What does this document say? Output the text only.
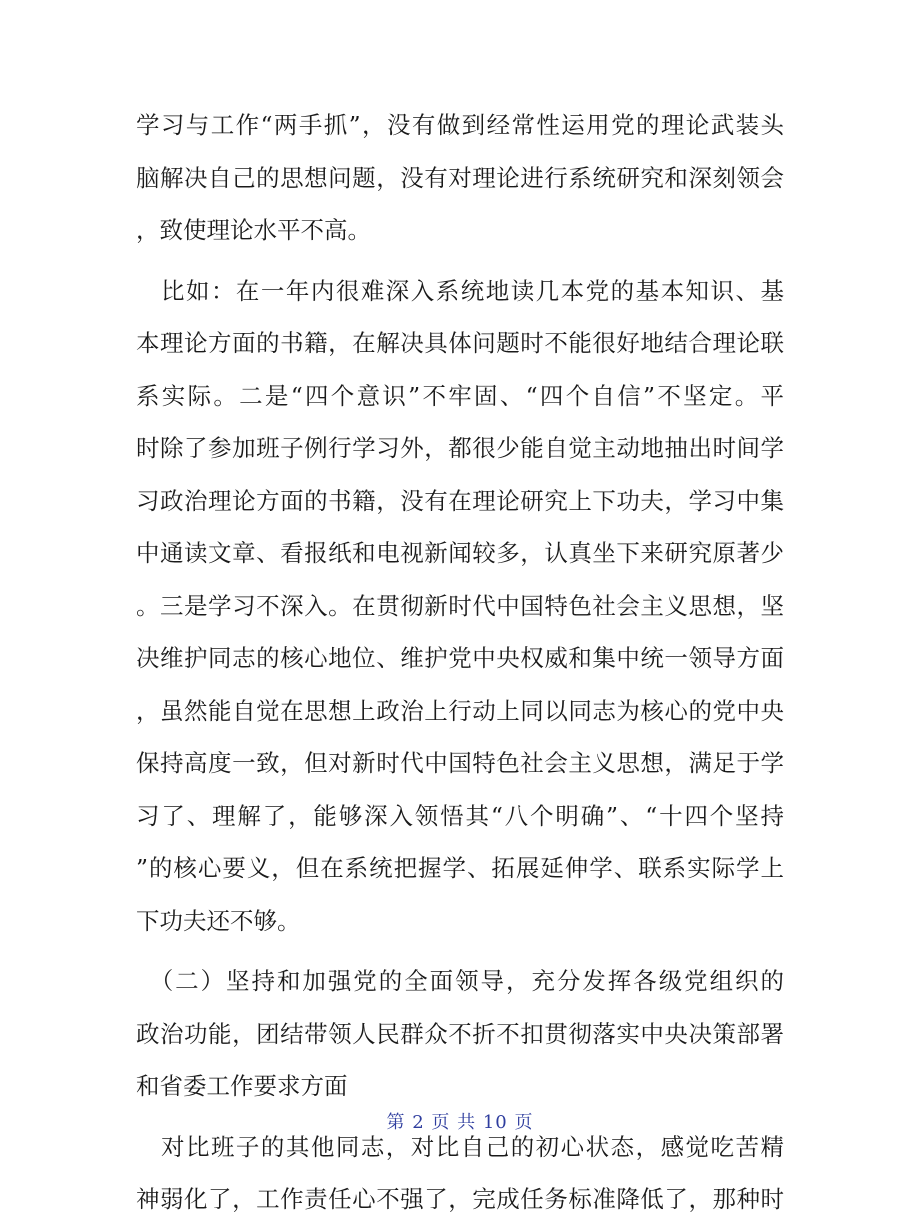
学习与工作“两手抓”，没有做到经常性运用党的理论武装头
脑解决自己的思想问题，没有对理论进行系统研究和深刻领会
，致使理论水平不高。
　比如：在一年内很难深入系统地读几本党的基本知识、基
本理论方面的书籍，在解决具体问题时不能很好地结合理论联
系实际。二是“四个意识”不牢固、“四个自信”不坚定。平
时除了参加班子例行学习外，都很少能自觉主动地抽出时间学
习政治理论方面的书籍，没有在理论研究上下功夫，学习中集
中通读文章、看报纸和电视新闻较多，认真坐下来研究原著少
。三是学习不深入。在贯彻新时代中国特色社会主义思想，坚
决维护同志的核心地位、维护党中央权威和集中统一领导方面
，虽然能自觉在思想上政治上行动上同以同志为核心的党中央
保持高度一致，但对新时代中国特色社会主义思想，满足于学
习了、理解了，能够深入领悟其“八个明确”、“十四个坚持
”的核心要义，但在系统把握学、拓展延伸学、联系实际学上
下功夫还不够。
　（二）坚持和加强党的全面领导，充分发挥各级党组织的
政治功能，团结带领人民群众不折不扣贯彻落实中央决策部署
和省委工作要求方面
　对比班子的其他同志，对比自己的初心状态，感觉吃苦精
神弱化了，工作责任心不强了，完成任务标准降低了，那种时
第 2 页 共 10 页
